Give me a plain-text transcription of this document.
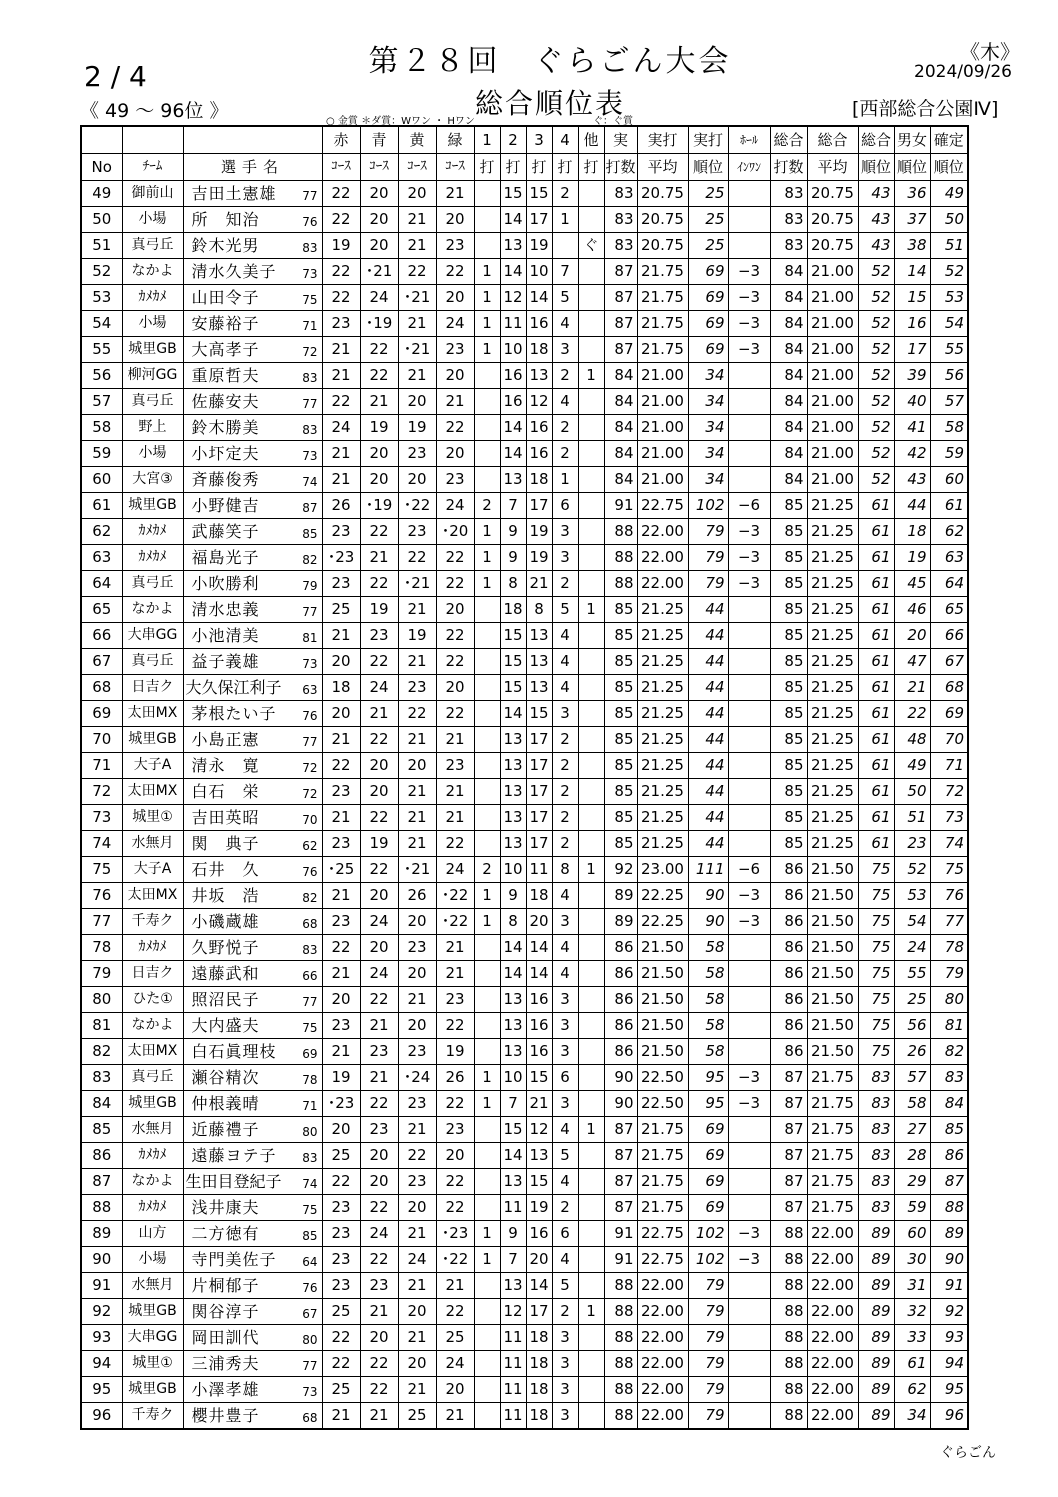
第２８回　ぐらごん大会
総合順位表
2 / 4
《 49 ～ 96位 》
《木》
2024/09/26
[西部総合公園Ⅳ]
○ 金賞 ＊ダ賞：Wワン ・ Hワン	ぐ：ぐ賞
			赤	青	黄	緑	1	2	3	4	他	実	実打	実打	ﾎｰﾙ	総合	総合	総合	男女	確定
No	ﾁｰﾑ	選手名	ｺｰｽ	ｺｰｽ	ｺｰｽ	ｺｰｽ	打	打	打	打	打	打数	平均	順位	ｲﾝﾜﾝ	打数	平均	順位	順位	順位
49	御前山	吉田土憲雄 77	22	20	20	21		15	15	2		83	20.75	25		83	20.75	43	36	49
50	小場	所　知治 76	22	20	21	20		14	17	1		83	20.75	25		83	20.75	43	37	50
51	真弓丘	鈴木光男 83	19	20	21	23		13	19		ぐ	83	20.75	25		83	20.75	43	38	51
52	なかよ	清水久美子 73	22	･21	22	22	1	14	10	7		87	21.75	69	−3	84	21.00	52	14	52
53	ｶﾒｶﾒ	山田令子 75	22	24	･21	20	1	12	14	5		87	21.75	69	−3	84	21.00	52	15	53
54	小場	安藤裕子 71	23	･19	21	24	1	11	16	4		87	21.75	69	−3	84	21.00	52	16	54
55	城里GB	大高孝子 72	21	22	･21	23	1	10	18	3		87	21.75	69	−3	84	21.00	52	17	55
56	柳河GG	重原哲夫 83	21	22	21	20		16	13	2	1	84	21.00	34		84	21.00	52	39	56
57	真弓丘	佐藤安夫 77	22	21	20	21		16	12	4		84	21.00	34		84	21.00	52	40	57
58	野上	鈴木勝美 83	24	19	19	22		14	16	2		84	21.00	34		84	21.00	52	41	58
59	小場	小圷定夫 73	21	20	23	20		14	16	2		84	21.00	34		84	21.00	52	42	59
60	大宮③	斉藤俊秀 74	21	20	20	23		13	18	1		84	21.00	34		84	21.00	52	43	60
61	城里GB	小野健吉 87	26	･19	･22	24	2	7	17	6		91	22.75	102	−6	85	21.25	61	44	61
62	ｶﾒｶﾒ	武藤笑子 85	23	22	23	･20	1	9	19	3		88	22.00	79	−3	85	21.25	61	18	62
63	ｶﾒｶﾒ	福島光子 82	･23	21	22	22	1	9	19	3		88	22.00	79	−3	85	21.25	61	19	63
64	真弓丘	小吹勝利 79	23	22	･21	22	1	8	21	2		88	22.00	79	−3	85	21.25	61	45	64
65	なかよ	清水忠義 77	25	19	21	20		18	8	5	1	85	21.25	44		85	21.25	61	46	65
66	大串GG	小池清美 81	21	23	19	22		15	13	4		85	21.25	44		85	21.25	61	20	66
67	真弓丘	益子義雄 73	20	22	21	22		15	13	4		85	21.25	44		85	21.25	61	47	67
68	日吉ク	大久保江利子 63	18	24	23	20		15	13	4		85	21.25	44		85	21.25	61	21	68
69	太田MX	茅根たい子 76	20	21	22	22		14	15	3		85	21.25	44		85	21.25	61	22	69
70	城里GB	小島正憲 77	21	22	21	21		13	17	2		85	21.25	44		85	21.25	61	48	70
71	大子A	清永　寛 72	22	20	20	23		13	17	2		85	21.25	44		85	21.25	61	49	71
72	太田MX	白石　栄 72	23	20	21	21		13	17	2		85	21.25	44		85	21.25	61	50	72
73	城里①	吉田英昭 70	21	22	21	21		13	17	2		85	21.25	44		85	21.25	61	51	73
74	水無月	関　典子 62	23	19	21	22		13	17	2		85	21.25	44		85	21.25	61	23	74
75	大子A	石井　久 76	･25	22	･21	24	2	10	11	8	1	92	23.00	111	−6	86	21.50	75	52	75
76	太田MX	井坂　浩 82	21	20	26	･22	1	9	18	4		89	22.25	90	−3	86	21.50	75	53	76
77	千寿ク	小磯蔵雄 68	23	24	20	･22	1	8	20	3		89	22.25	90	−3	86	21.50	75	54	77
78	ｶﾒｶﾒ	久野悦子 83	22	20	23	21		14	14	4		86	21.50	58		86	21.50	75	24	78
79	日吉ク	遠藤武和 66	21	24	20	21		14	14	4		86	21.50	58		86	21.50	75	55	79
80	ひた①	照沼民子 77	20	22	21	23		13	16	3		86	21.50	58		86	21.50	75	25	80
81	なかよ	大内盛夫 75	23	21	20	22		13	16	3		86	21.50	58		86	21.50	75	56	81
82	太田MX	白石眞理枝 69	21	23	23	19		13	16	3		86	21.50	58		86	21.50	75	26	82
83	真弓丘	瀬谷精次 78	19	21	･24	26	1	10	15	6		90	22.50	95	−3	87	21.75	83	57	83
84	城里GB	仲根義晴 71	･23	22	23	22	1	7	21	3		90	22.50	95	−3	87	21.75	83	58	84
85	水無月	近藤禮子 80	20	23	21	23		15	12	4	1	87	21.75	69		87	21.75	83	27	85
86	ｶﾒｶﾒ	遠藤ヨテ子 83	25	20	22	20		14	13	5		87	21.75	69		87	21.75	83	28	86
87	なかよ	生田目登紀子 74	22	20	23	22		13	15	4		87	21.75	69		87	21.75	83	29	87
88	ｶﾒｶﾒ	浅井康夫 75	23	22	20	22		11	19	2		87	21.75	69		87	21.75	83	59	88
89	山方	二方徳有 85	23	24	21	･23	1	9	16	6		91	22.75	102	−3	88	22.00	89	60	89
90	小場	寺門美佐子 64	23	22	24	･22	1	7	20	4		91	22.75	102	−3	88	22.00	89	30	90
91	水無月	片桐郁子 76	23	23	21	21		13	14	5		88	22.00	79		88	22.00	89	31	91
92	城里GB	関谷淳子 67	25	21	20	22		12	17	2	1	88	22.00	79		88	22.00	89	32	92
93	大串GG	岡田訓代 80	22	20	21	25		11	18	3		88	22.00	79		88	22.00	89	33	93
94	城里①	三浦秀夫 77	22	22	20	24		11	18	3		88	22.00	79		88	22.00	89	61	94
95	城里GB	小澤孝雄 73	25	22	21	20		11	18	3		88	22.00	79		88	22.00	89	62	95
96	千寿ク	櫻井豊子 68	21	21	25	21		11	18	3		88	22.00	79		88	22.00	89	34	96
ぐらごん
